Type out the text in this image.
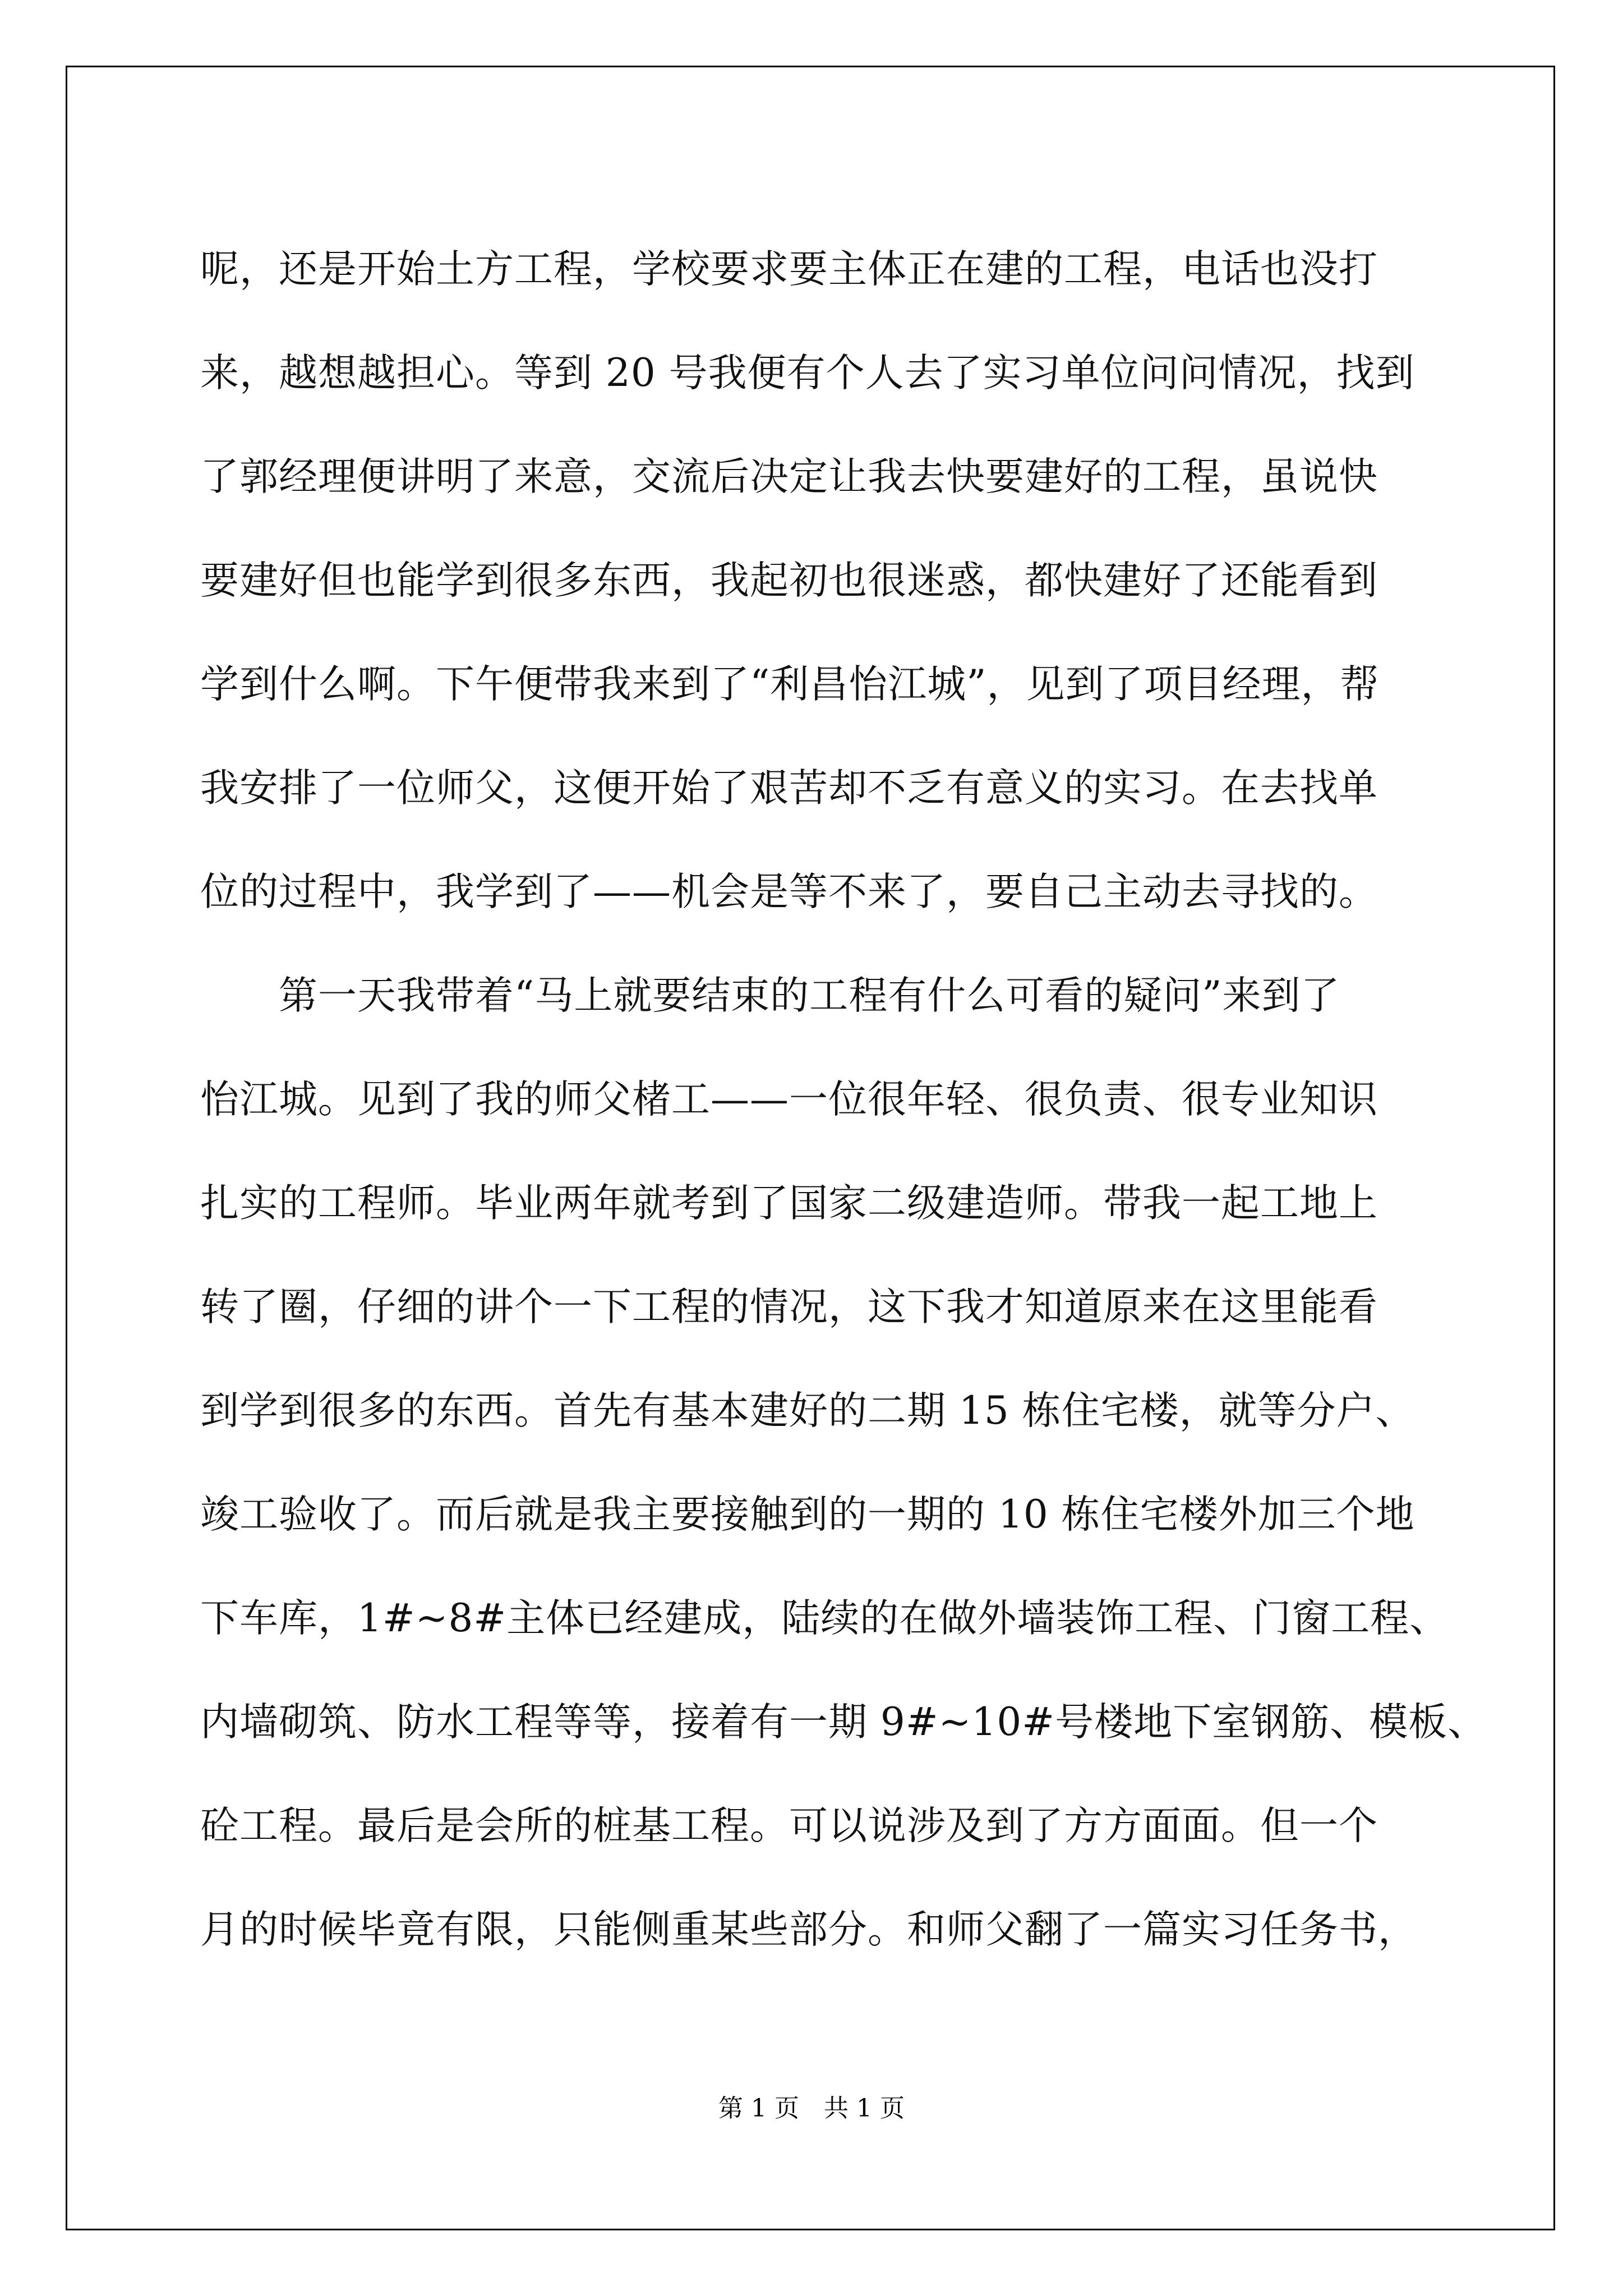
呢，还是开始土方工程，学校要求要主体正在建的工程，电话也没打
来，越想越担心。等到 20 号我便有个人去了实习单位问问情况，找到
了郭经理便讲明了来意，交流后决定让我去快要建好的工程，虽说快
要建好但也能学到很多东西，我起初也很迷惑，都快建好了还能看到
学到什么啊。下午便带我来到了“利昌怡江城”，见到了项目经理，帮
我安排了一位师父，这便开始了艰苦却不乏有意义的实习。在去找单
位的过程中，我学到了——机会是等不来了，要自己主动去寻找的。
　　第一天我带着“马上就要结束的工程有什么可看的疑问”来到了
怡江城。见到了我的师父楮工——一位很年轻、很负责、很专业知识
扎实的工程师。毕业两年就考到了国家二级建造师。带我一起工地上
转了圈，仔细的讲个一下工程的情况，这下我才知道原来在这里能看
到学到很多的东西。首先有基本建好的二期 15 栋住宅楼，就等分户、
竣工验收了。而后就是我主要接触到的一期的 10 栋住宅楼外加三个地
下车库，1#~8#主体已经建成，陆续的在做外墙装饰工程、门窗工程、
内墙砌筑、防水工程等等，接着有一期 9#~10#号楼地下室钢筋、模板、
砼工程。最后是会所的桩基工程。可以说涉及到了方方面面。但一个
月的时候毕竟有限，只能侧重某些部分。和师父翻了一篇实习任务书，
第 1 页　共 1 页
